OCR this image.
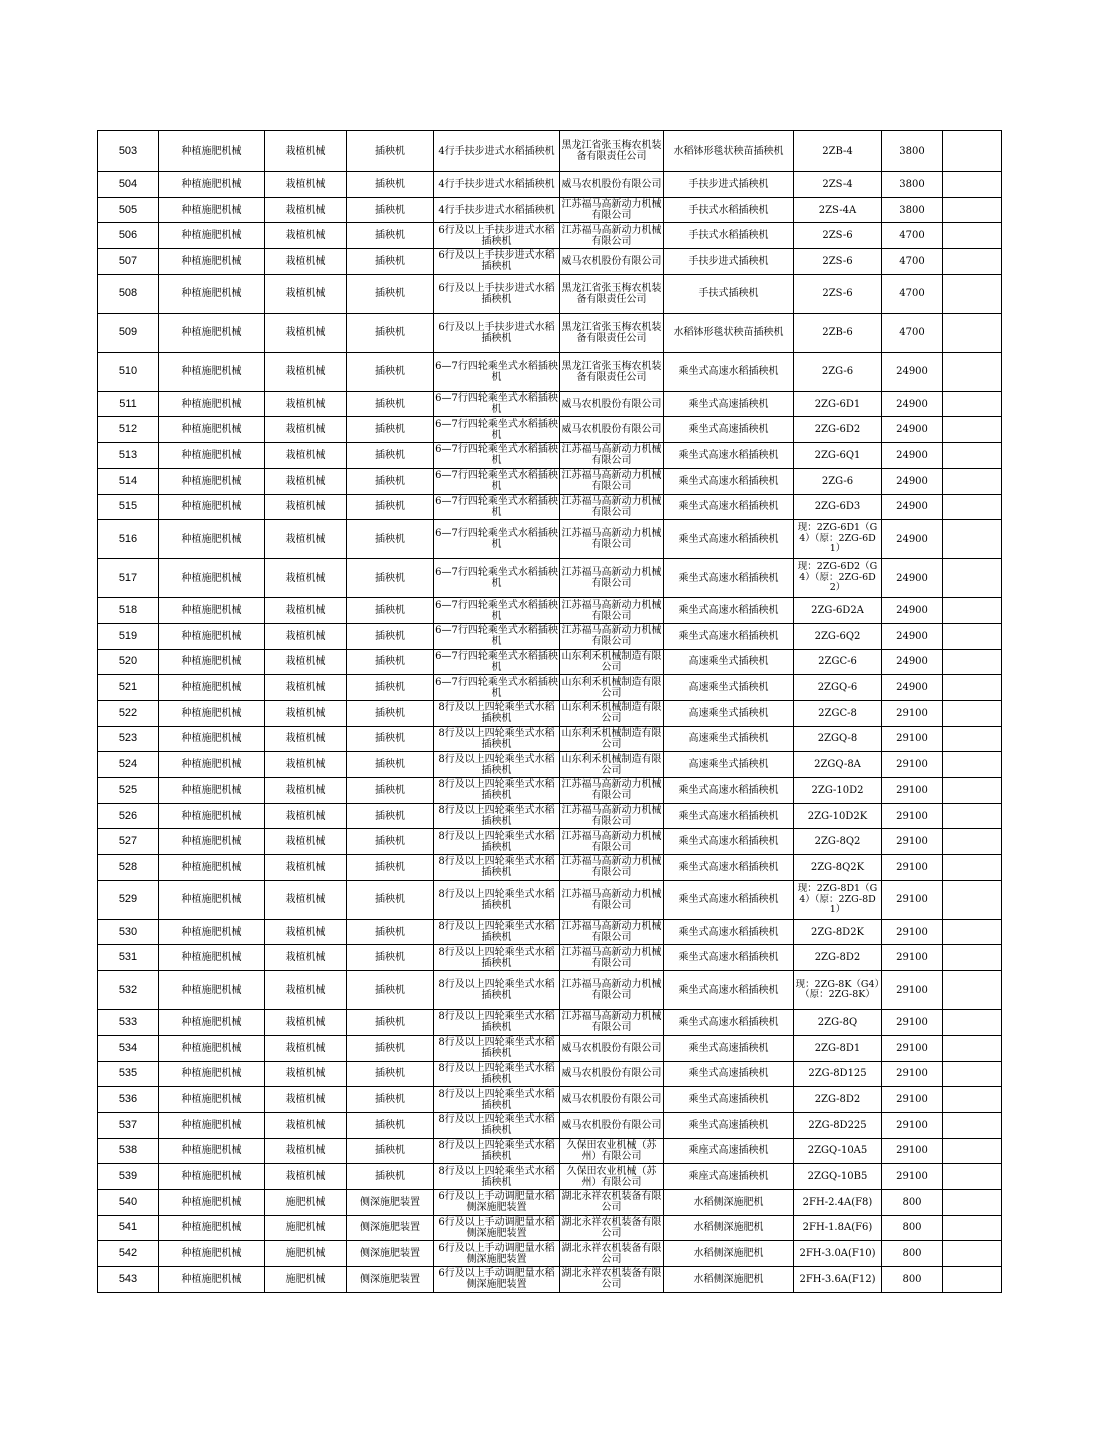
503	种植施肥机械	栽植机械	插秧机	4行手扶步进式水稻插秧机	黑龙江省张玉梅农机装备有限责任公司	水稻钵形毯状秧苗插秧机	2ZB-4	3800	
504	种植施肥机械	栽植机械	插秧机	4行手扶步进式水稻插秧机	威马农机股份有限公司	手扶步进式插秧机	2ZS-4	3800	
505	种植施肥机械	栽植机械	插秧机	4行手扶步进式水稻插秧机	江苏福马高新动力机械有限公司	手扶式水稻插秧机	2ZS-4A	3800	
506	种植施肥机械	栽植机械	插秧机	6行及以上手扶步进式水稻插秧机	江苏福马高新动力机械有限公司	手扶式水稻插秧机	2ZS-6	4700	
507	种植施肥机械	栽植机械	插秧机	6行及以上手扶步进式水稻插秧机	威马农机股份有限公司	手扶步进式插秧机	2ZS-6	4700	
508	种植施肥机械	栽植机械	插秧机	6行及以上手扶步进式水稻插秧机	黑龙江省张玉梅农机装备有限责任公司	手扶式插秧机	2ZS-6	4700	
509	种植施肥机械	栽植机械	插秧机	6行及以上手扶步进式水稻插秧机	黑龙江省张玉梅农机装备有限责任公司	水稻钵形毯状秧苗插秧机	2ZB-6	4700	
510	种植施肥机械	栽植机械	插秧机	6—7行四轮乘坐式水稻插秧机	黑龙江省张玉梅农机装备有限责任公司	乘坐式高速水稻插秧机	2ZG-6	24900	
511	种植施肥机械	栽植机械	插秧机	6—7行四轮乘坐式水稻插秧机	威马农机股份有限公司	乘坐式高速插秧机	2ZG-6D1	24900	
512	种植施肥机械	栽植机械	插秧机	6—7行四轮乘坐式水稻插秧机	威马农机股份有限公司	乘坐式高速插秧机	2ZG-6D2	24900	
513	种植施肥机械	栽植机械	插秧机	6—7行四轮乘坐式水稻插秧机	江苏福马高新动力机械有限公司	乘坐式高速水稻插秧机	2ZG-6Q1	24900	
514	种植施肥机械	栽植机械	插秧机	6—7行四轮乘坐式水稻插秧机	江苏福马高新动力机械有限公司	乘坐式高速水稻插秧机	2ZG-6	24900	
515	种植施肥机械	栽植机械	插秧机	6—7行四轮乘坐式水稻插秧机	江苏福马高新动力机械有限公司	乘坐式高速水稻插秧机	2ZG-6D3	24900	
516	种植施肥机械	栽植机械	插秧机	6—7行四轮乘坐式水稻插秧机	江苏福马高新动力机械有限公司	乘坐式高速水稻插秧机	现：2ZG-6D1（G4）（原：2ZG-6D1）	24900	
517	种植施肥机械	栽植机械	插秧机	6—7行四轮乘坐式水稻插秧机	江苏福马高新动力机械有限公司	乘坐式高速水稻插秧机	现：2ZG-6D2（G4）（原：2ZG-6D2）	24900	
518	种植施肥机械	栽植机械	插秧机	6—7行四轮乘坐式水稻插秧机	江苏福马高新动力机械有限公司	乘坐式高速水稻插秧机	2ZG-6D2A	24900	
519	种植施肥机械	栽植机械	插秧机	6—7行四轮乘坐式水稻插秧机	江苏福马高新动力机械有限公司	乘坐式高速水稻插秧机	2ZG-6Q2	24900	
520	种植施肥机械	栽植机械	插秧机	6—7行四轮乘坐式水稻插秧机	山东利禾机械制造有限公司	高速乘坐式插秧机	2ZGC-6	24900	
521	种植施肥机械	栽植机械	插秧机	6—7行四轮乘坐式水稻插秧机	山东利禾机械制造有限公司	高速乘坐式插秧机	2ZGQ-6	24900	
522	种植施肥机械	栽植机械	插秧机	8行及以上四轮乘坐式水稻插秧机	山东利禾机械制造有限公司	高速乘坐式插秧机	2ZGC-8	29100	
523	种植施肥机械	栽植机械	插秧机	8行及以上四轮乘坐式水稻插秧机	山东利禾机械制造有限公司	高速乘坐式插秧机	2ZGQ-8	29100	
524	种植施肥机械	栽植机械	插秧机	8行及以上四轮乘坐式水稻插秧机	山东利禾机械制造有限公司	高速乘坐式插秧机	2ZGQ-8A	29100	
525	种植施肥机械	栽植机械	插秧机	8行及以上四轮乘坐式水稻插秧机	江苏福马高新动力机械有限公司	乘坐式高速水稻插秧机	2ZG-10D2	29100	
526	种植施肥机械	栽植机械	插秧机	8行及以上四轮乘坐式水稻插秧机	江苏福马高新动力机械有限公司	乘坐式高速水稻插秧机	2ZG-10D2K	29100	
527	种植施肥机械	栽植机械	插秧机	8行及以上四轮乘坐式水稻插秧机	江苏福马高新动力机械有限公司	乘坐式高速水稻插秧机	2ZG-8Q2	29100	
528	种植施肥机械	栽植机械	插秧机	8行及以上四轮乘坐式水稻插秧机	江苏福马高新动力机械有限公司	乘坐式高速水稻插秧机	2ZG-8Q2K	29100	
529	种植施肥机械	栽植机械	插秧机	8行及以上四轮乘坐式水稻插秧机	江苏福马高新动力机械有限公司	乘坐式高速水稻插秧机	现：2ZG-8D1（G4）（原：2ZG-8D1）	29100	
530	种植施肥机械	栽植机械	插秧机	8行及以上四轮乘坐式水稻插秧机	江苏福马高新动力机械有限公司	乘坐式高速水稻插秧机	2ZG-8D2K	29100	
531	种植施肥机械	栽植机械	插秧机	8行及以上四轮乘坐式水稻插秧机	江苏福马高新动力机械有限公司	乘坐式高速水稻插秧机	2ZG-8D2	29100	
532	种植施肥机械	栽植机械	插秧机	8行及以上四轮乘坐式水稻插秧机	江苏福马高新动力机械有限公司	乘坐式高速水稻插秧机	现：2ZG-8K（G4）（原：2ZG-8K）	29100	
533	种植施肥机械	栽植机械	插秧机	8行及以上四轮乘坐式水稻插秧机	江苏福马高新动力机械有限公司	乘坐式高速水稻插秧机	2ZG-8Q	29100	
534	种植施肥机械	栽植机械	插秧机	8行及以上四轮乘坐式水稻插秧机	威马农机股份有限公司	乘坐式高速插秧机	2ZG-8D1	29100	
535	种植施肥机械	栽植机械	插秧机	8行及以上四轮乘坐式水稻插秧机	威马农机股份有限公司	乘坐式高速插秧机	2ZG-8D125	29100	
536	种植施肥机械	栽植机械	插秧机	8行及以上四轮乘坐式水稻插秧机	威马农机股份有限公司	乘坐式高速插秧机	2ZG-8D2	29100	
537	种植施肥机械	栽植机械	插秧机	8行及以上四轮乘坐式水稻插秧机	威马农机股份有限公司	乘坐式高速插秧机	2ZG-8D225	29100	
538	种植施肥机械	栽植机械	插秧机	8行及以上四轮乘坐式水稻插秧机	久保田农业机械（苏州）有限公司	乘座式高速插秧机	2ZGQ-10A5	29100	
539	种植施肥机械	栽植机械	插秧机	8行及以上四轮乘坐式水稻插秧机	久保田农业机械（苏州）有限公司	乘座式高速插秧机	2ZGQ-10B5	29100	
540	种植施肥机械	施肥机械	侧深施肥装置	6行及以上手动调肥量水稻侧深施肥装置	湖北永祥农机装备有限公司	水稻侧深施肥机	2FH-2.4A(F8)	800	
541	种植施肥机械	施肥机械	侧深施肥装置	6行及以上手动调肥量水稻侧深施肥装置	湖北永祥农机装备有限公司	水稻侧深施肥机	2FH-1.8A(F6)	800	
542	种植施肥机械	施肥机械	侧深施肥装置	6行及以上手动调肥量水稻侧深施肥装置	湖北永祥农机装备有限公司	水稻侧深施肥机	2FH-3.0A(F10)	800	
543	种植施肥机械	施肥机械	侧深施肥装置	6行及以上手动调肥量水稻侧深施肥装置	湖北永祥农机装备有限公司	水稻侧深施肥机	2FH-3.6A(F12)	800	
